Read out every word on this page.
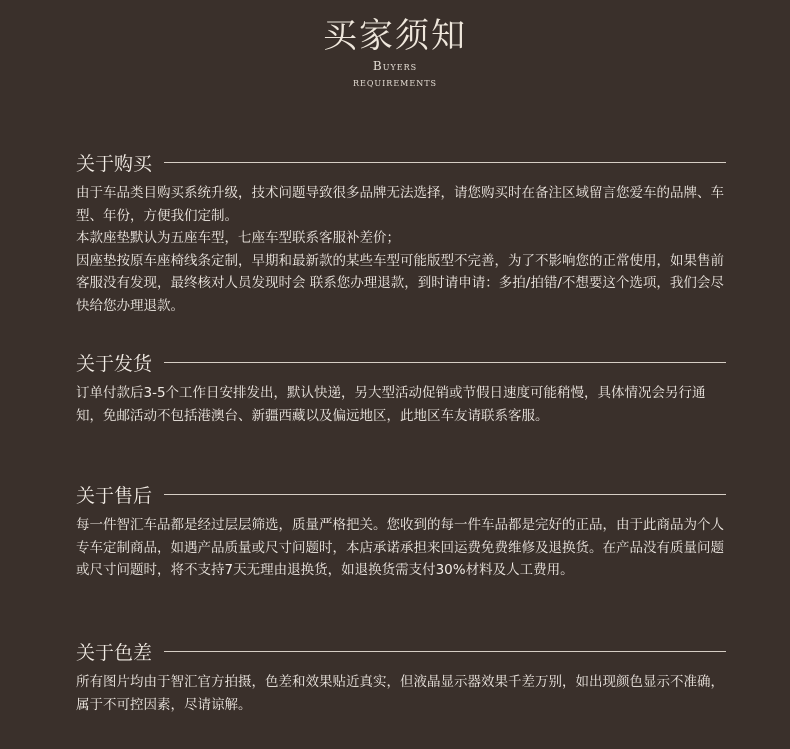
买家须知
Buyers
requirements
关于购买
由于车品类目购买系统升级，技术问题导致很多品牌无法选择，请您购买时在备注区域留言您爱车的品牌、车型、年份，方便我们定制。
本款座垫默认为五座车型，七座车型联系客服补差价；
因座垫按原车座椅线条定制，早期和最新款的某些车型可能版型不完善，为了不影响您的正常使用，如果售前客服没有发现，最终核对人员发现时会 联系您办理退款，到时请申请：多拍/拍错/不想要这个选项，我们会尽快给您办理退款。
关于发货
订单付款后3-5个工作日安排发出，默认快递，另大型活动促销或节假日速度可能稍慢，具体情况会另行通知，免邮活动不包括港澳台、新疆西藏以及偏远地区，此地区车友请联系客服。
关于售后
每一件智汇车品都是经过层层筛选，质量严格把关。您收到的每一件车品都是完好的正品，由于此商品为个人专车定制商品，如遇产品质量或尺寸问题时，本店承诺承担来回运费免费维修及退换货。在产品没有质量问题或尺寸问题时，将不支持7天无理由退换货，如退换货需支付30%材料及人工费用。
关于色差
所有图片均由于智汇官方拍摄，色差和效果贴近真实，但液晶显示器效果千差万别，如出现颜色显示不准确，属于不可控因素，尽请谅解。
